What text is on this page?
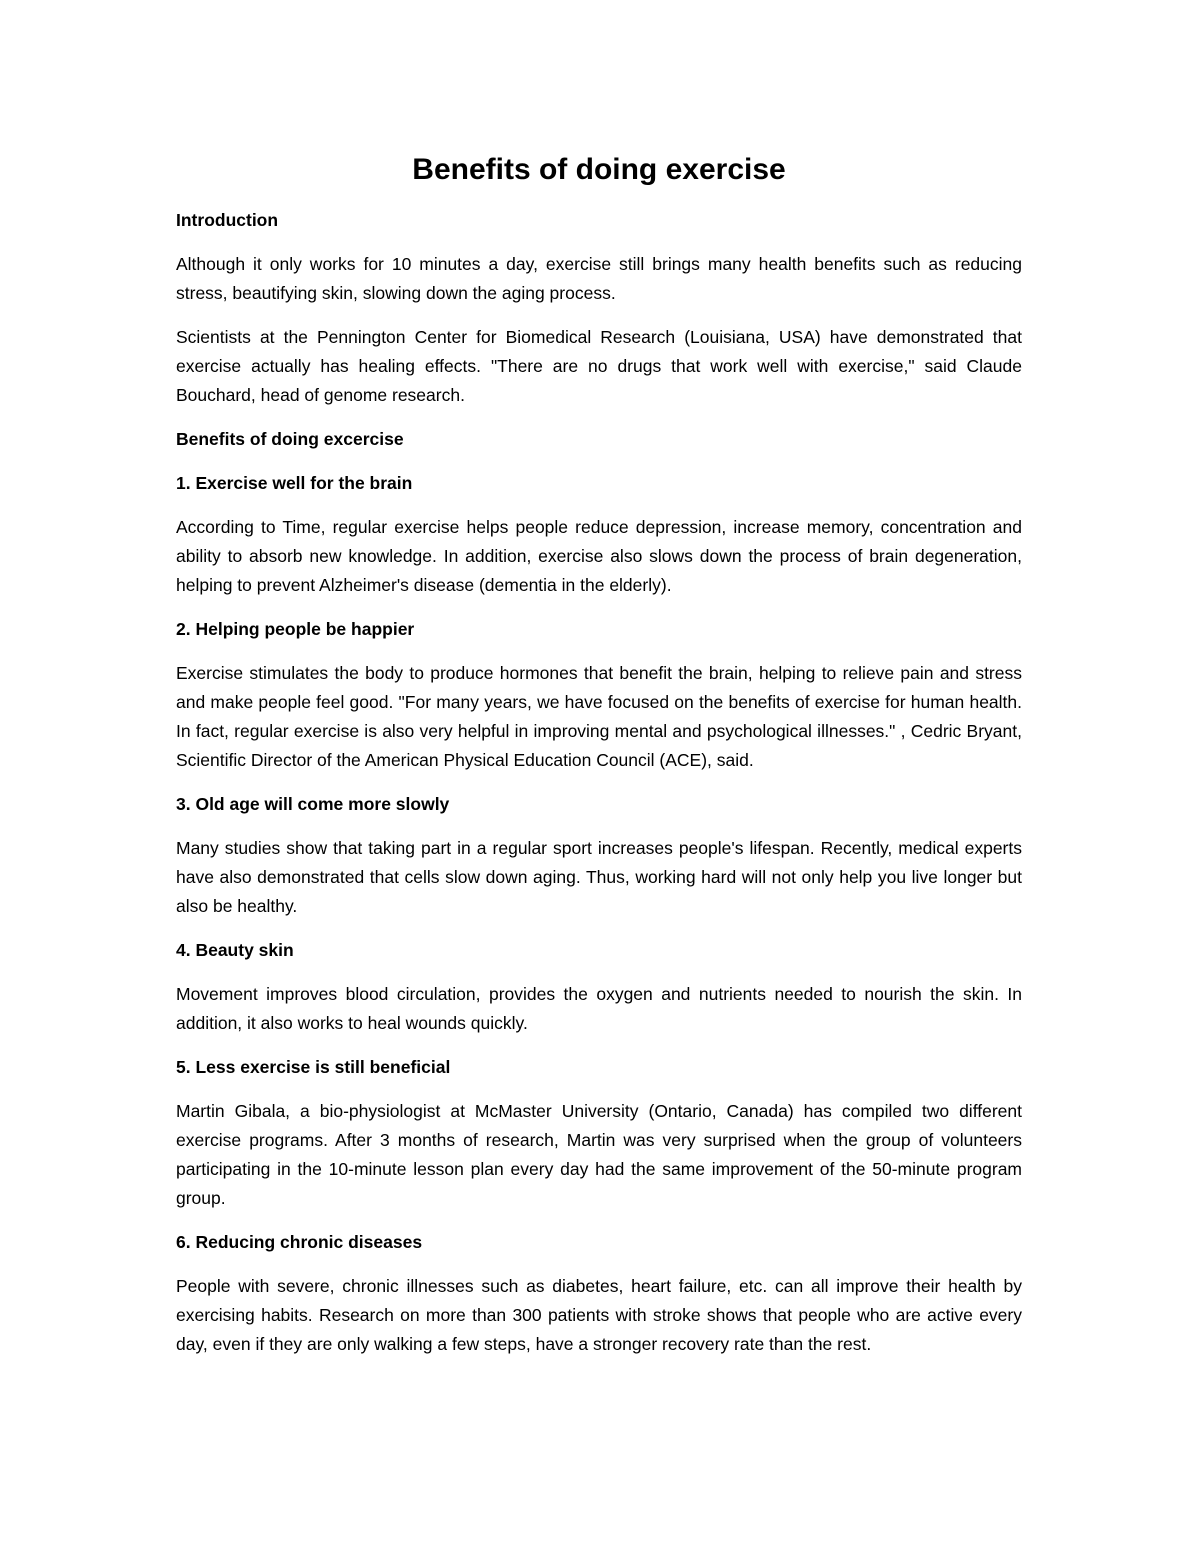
Benefits of doing exercise

Introduction

Although it only works for 10 minutes a day, exercise still brings many health benefits such as reducing stress, beautifying skin, slowing down the aging process.

Scientists at the Pennington Center for Biomedical Research (Louisiana, USA) have demonstrated that exercise actually has healing effects. "There are no drugs that work well with exercise," said Claude Bouchard, head of genome research.

Benefits of doing excercise

1. Exercise well for the brain

According to Time, regular exercise helps people reduce depression, increase memory, concentration and ability to absorb new knowledge. In addition, exercise also slows down the process of brain degeneration, helping to prevent Alzheimer's disease (dementia in the elderly).

2. Helping people be happier

Exercise stimulates the body to produce hormones that benefit the brain, helping to relieve pain and stress and make people feel good. "For many years, we have focused on the benefits of exercise for human health. In fact, regular exercise is also very helpful in improving mental and psychological illnesses." , Cedric Bryant, Scientific Director of the American Physical Education Council (ACE), said.

3. Old age will come more slowly

Many studies show that taking part in a regular sport increases people's lifespan. Recently, medical experts have also demonstrated that cells slow down aging. Thus, working hard will not only help you live longer but also be healthy.

4. Beauty skin

Movement improves blood circulation, provides the oxygen and nutrients needed to nourish the skin. In addition, it also works to heal wounds quickly.

5. Less exercise is still beneficial

Martin Gibala, a bio-physiologist at McMaster University (Ontario, Canada) has compiled two different exercise programs. After 3 months of research, Martin was very surprised when the group of volunteers participating in the 10-minute lesson plan every day had the same improvement of the 50-minute program group.

6. Reducing chronic diseases

People with severe, chronic illnesses such as diabetes, heart failure, etc. can all improve their health by exercising habits. Research on more than 300 patients with stroke shows that people who are active every day, even if they are only walking a few steps, have a stronger recovery rate than the rest.
